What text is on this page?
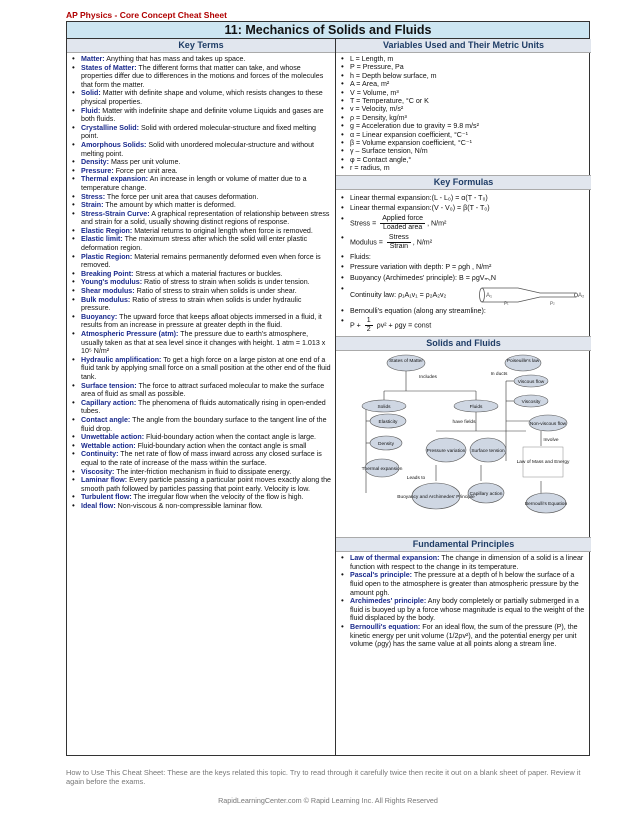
AP Physics - Core Concept Cheat Sheet
11: Mechanics of Solids and Fluids
Key Terms
• Matter: Anything that has mass and takes up space.
• States of Matter: The different forms that matter can take, and whose properties differ due to differences in the motions and forces of the molecules that form the matter.
• Solid: Matter with definite shape and volume, which resists changes to these physical properties.
• Fluid: Matter with indefinite shape and definite volume Liquids and gases are both fluids.
• Crystalline Solid: Solid with ordered molecular-structure and fixed melting point.
• Amorphous Solids: Solid with unordered molecular-structure and without melting point.
• Density: Mass per unit volume.
• Pressure: Force per unit area.
• Thermal expansion: An increase in length or volume of matter due to a temperature change.
• Stress: The force per unit area that causes deformation.
• Strain: The amount by which matter is deformed.
• Stress-Strain Curve: A graphical representation of relationship between stress and strain for a solid, usually showing distinct regions of response.
• Elastic Region: Material returns to original length when force is removed.
• Elastic limit: The maximum stress after which the solid will enter plastic deformation region.
• Plastic Region: Material remains permanently deformed even when force is removed.
• Breaking Point: Stress at which a material fractures or buckles.
• Young's modulus: Ratio of stress to strain when solids is under tension.
• Shear modulus: Ratio of stress to strain when solids is under shear.
• Bulk modulus: Ratio of stress to strain when solids is under hydraulic pressure.
• Buoyancy: The upward force that keeps afloat objects immersed in a fluid, it results from an increase in pressure at greater depth in the fluid.
• Atmospheric Pressure (atm): The pressure due to earth's atmosphere, usually taken as that at sea level since it changes with height. 1 atm = 1.013 x 10⁵ N/m²
• Hydraulic amplification: To get a high force on a large piston at one end of a fluid tank by applying small force on a small position at the other end of the fluid tank.
• Surface tension: The force to attract surfaced molecular to make the surface area of fluid as small as possible.
• Capillary action: The phenomena of fluids automatically rising in open-ended tubes.
• Contact angle: The angle from the boundary surface to the tangent line of the fluid drop.
• Unwettable action: Fluid-boundary action when the contact angle is large.
• Wettable action: Fluid-boundary action when the contact angle is small
• Continuity: The net rate of flow of mass inward across any closed surface is equal to the rate of increase of the mass within the surface.
• Viscosity: The inter-friction mechanism in fluid to dissipate energy.
• Laminar flow: Every particle passing a particular point moves exactly along the smooth path followed by particles passing that point early. Velocity is low.
• Turbulent flow: The irregular flow when the velocity of the flow is high.
• Ideal flow: Non-viscous & non-compressible laminar flow.
Variables Used and Their Metric Units
• L = Length, m
• P = Pressure, Pa
• h = Depth below surface, m
• A = Area, m²
• V = Volume, m³
• T = Temperature, °C or K
• v = Velocity, m/s²
• ρ = Density, kg/m³
• g = Acceleration due to gravity = 9.8 m/s²
• α = Linear expansion coefficient, °C⁻¹
• β = Volume expansion coefficient, °C⁻¹
• γ – Surface tension, N/m
• φ = Contact angle,°
• r = radius, m
Key Formulas
• Linear thermal expansion:(L - L₀) = α(T - T₀)
• Linear thermal expansion:(V - V₀) = β(T - T₀)
• Stress = $\frac{\text{Applied force}}{\text{Loaded area}}$ , N/m²
• Modulus = $\frac{\text{Stress}}{\text{Strain}}$ , N/m²
• Fluids:
• Pressure variation with depth: P = ρgh , N/m²
• Buoyancy (Archimedes' principle): B = ρgVₘ,N
• Continuity law: ρ₁A₁v₁ = ρ₂A₂v₂	A₁
ρ₁	ρ₂
A₂
• Bernoulli's equation (along any streamline):
• $P + \frac{1}{2} \rho v^2 + \rho gy$ = const
Solids and Fluids
States of Matter	Poiseuille's law
Includes
Solids	Fluids
Elasticity
Density
Thermal expansion
In ducts
Viscous flow
Viscosity
Non-viscous flow
have fields
Pressure variation Surface tension
Leads to
Involve
Law of Mass and Energy
Buoyancy and Archimedes' Principle
Capillary action
Bernoulli's Equation
Fundamental Principles
• Law of thermal expansion: The change in dimension of a solid is a linear function with respect to the change in its temperature.
• Pascal's principle: The pressure at a depth of h below the surface of a fluid open to the atmosphere is greater than atmospheric pressure by the amount ρgh.
• Archimedes' principle: Any body completely or partially submerged in a fluid is buoyed up by a force whose magnitude is equal to the weight of the fluid displaced by the body.
• Bernoulli's equation: For an ideal flow, the sum of the pressure (P), the kinetic energy per unit volume (1/2ρv²), and the potential energy per unit volume (ρgy) has the same value at all points along a stream line.
How to Use This Cheat Sheet: These are the keys related this topic. Try to read through it carefully twice then recite it out on a blank sheet of paper. Review it again before the exams.
RapidLearningCenter.com © Rapid Learning Inc. All Rights Reserved
